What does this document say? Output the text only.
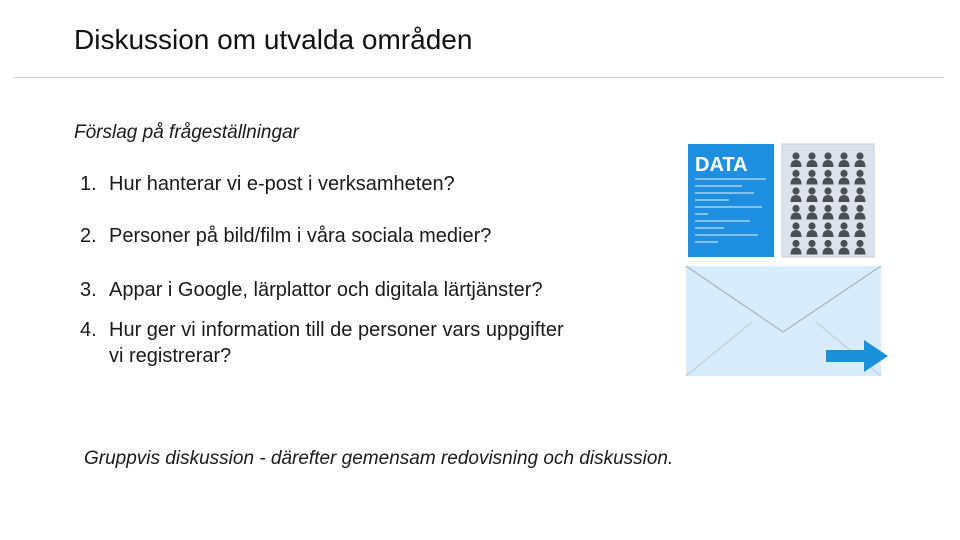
Diskussion om utvalda områden
Förslag på frågeställningar
1. Hur hanterar vi e-post i verksamheten?
2. Personer på bild/film i våra sociala medier?
3. Appar i Google, lärplattor och digitala lärtjänster?
4. Hur ger vi information till de personer vars uppgifter vi registrerar?
Gruppvis diskussion - därefter gemensam redovisning och diskussion.
DATA
